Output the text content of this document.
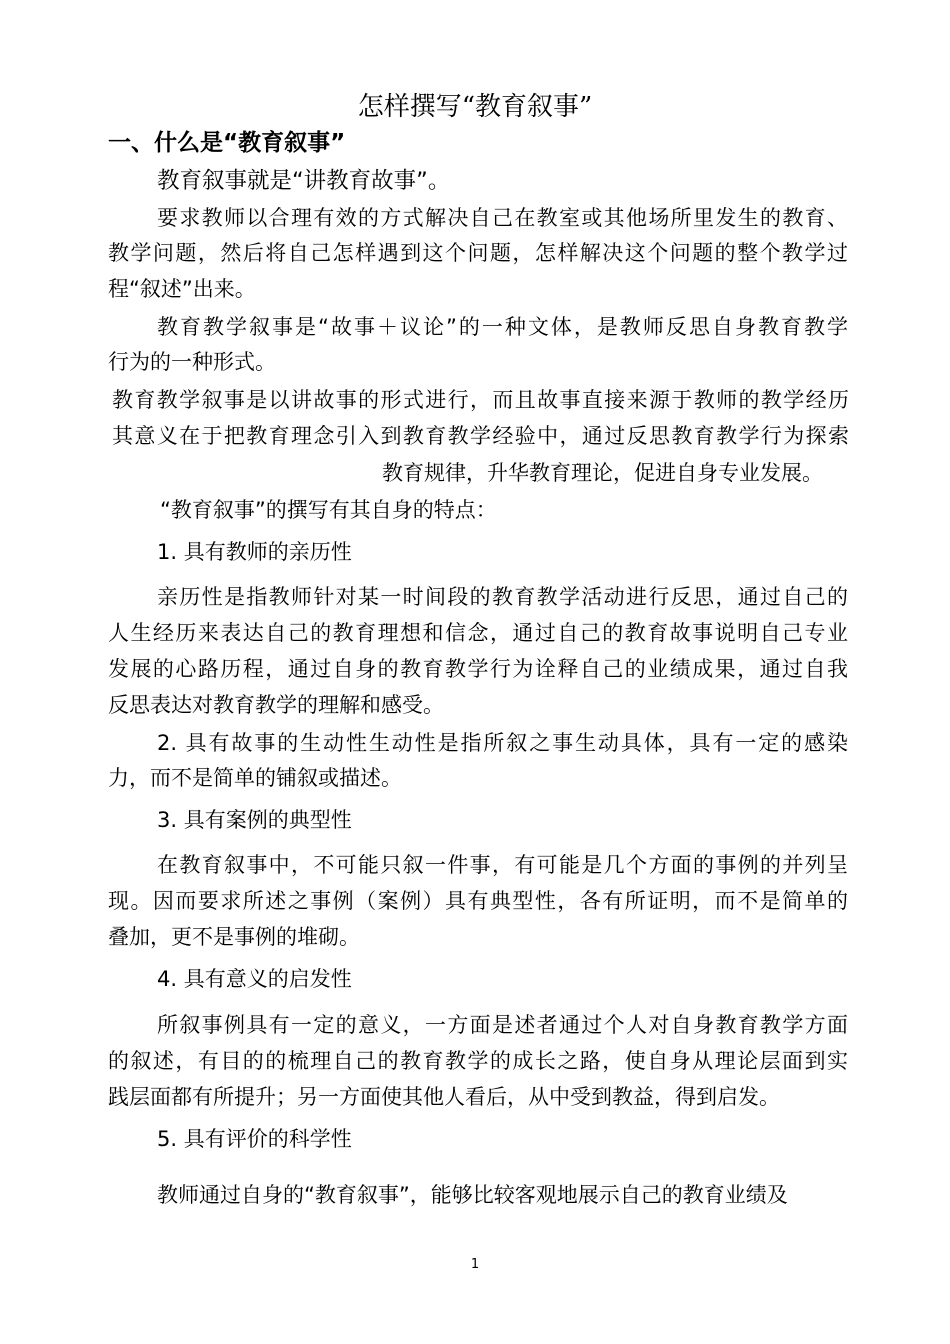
怎样撰写“教育叙事”
一、什么是“教育叙事”
教育叙事就是“讲教育故事”。
要求教师以合理有效的方式解决自己在教室或其他场所里发生的教育、
教学问题，然后将自己怎样遇到这个问题，怎样解决这个问题的整个教学过
程“叙述”出来。
教育教学叙事是“故事＋议论”的一种文体，是教师反思自身教育教学
行为的一种形式。
教育教学叙事是以讲故事的形式进行，而且故事直接来源于教师的教学经历
其意义在于把教育理念引入到教育教学经验中，通过反思教育教学行为探索
教育规律，升华教育理论，促进自身专业发展。
“教育叙事”的撰写有其自身的特点：
1. 具有教师的亲历性
亲历性是指教师针对某一时间段的教育教学活动进行反思，通过自己的
人生经历来表达自己的教育理想和信念，通过自己的教育故事说明自己专业
发展的心路历程，通过自身的教育教学行为诠释自己的业绩成果，通过自我
反思表达对教育教学的理解和感受。
2. 具有故事的生动性生动性是指所叙之事生动具体，具有一定的感染
力，而不是简单的铺叙或描述。
3. 具有案例的典型性
在教育叙事中，不可能只叙一件事，有可能是几个方面的事例的并列呈
现。因而要求所述之事例（案例）具有典型性，各有所证明，而不是简单的
叠加，更不是事例的堆砌。
4. 具有意义的启发性
所叙事例具有一定的意义，一方面是述者通过个人对自身教育教学方面
的叙述，有目的的梳理自己的教育教学的成长之路，使自身从理论层面到实
践层面都有所提升；另一方面使其他人看后，从中受到教益，得到启发。
5. 具有评价的科学性
教师通过自身的“教育叙事”，能够比较客观地展示自己的教育业绩及
1
